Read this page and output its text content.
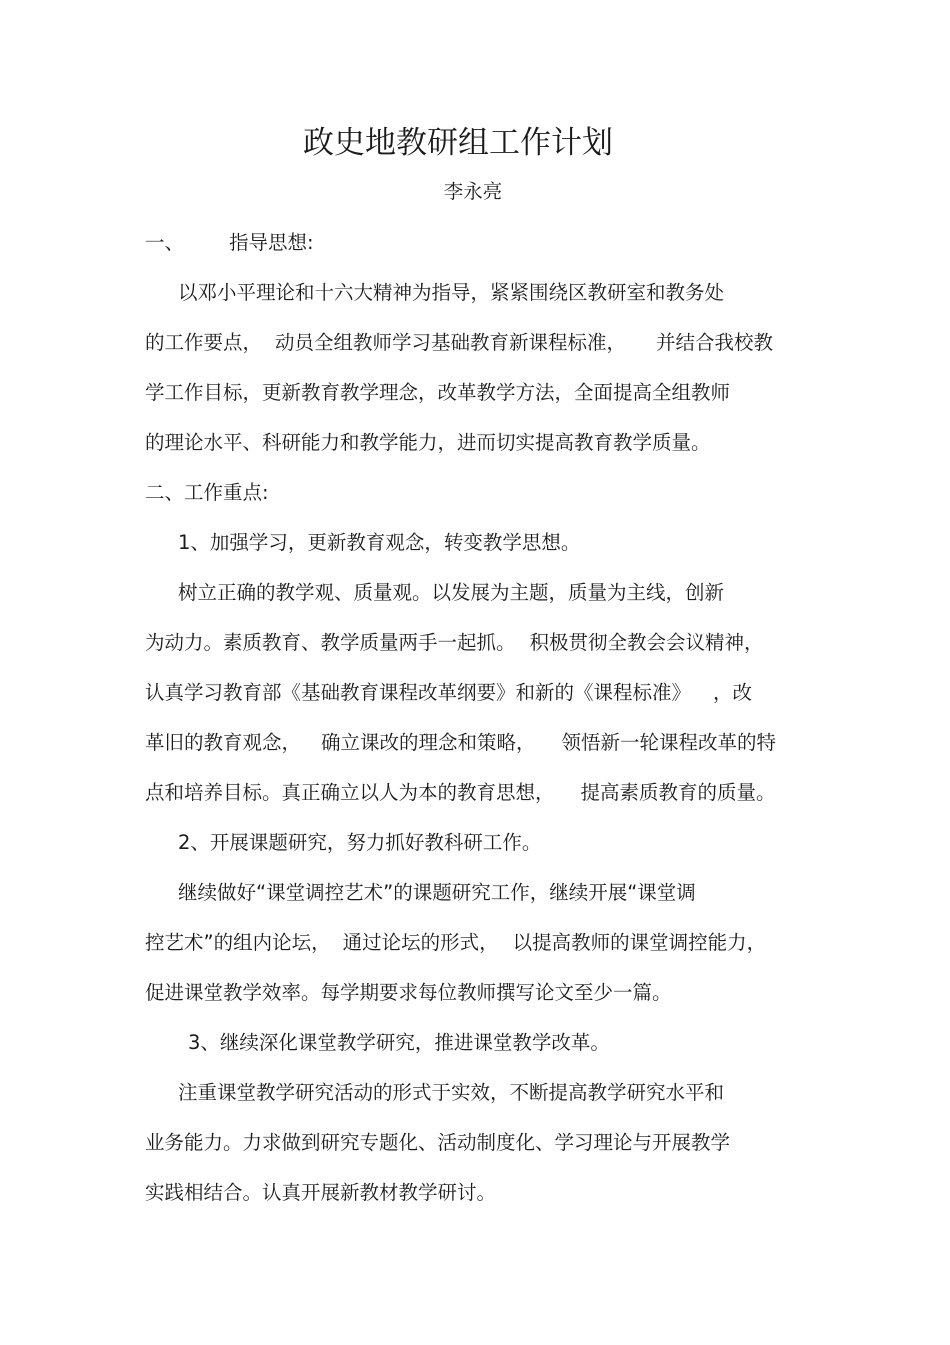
政史地教研组工作计划
李永亮
一、 指导思想:
以邓小平理论和十六大精神为指导，紧紧围绕区教研室和教务处
的工作要点， 动员全组教师学习基础教育新课程标准， 并结合我校教
学工作目标，更新教育教学理念，改革教学方法，全面提高全组教师
的理论水平、科研能力和教学能力，进而切实提高教育教学质量。
二、工作重点:
1、加强学习，更新教育观念，转变教学思想。
树立正确的教学观、质量观。以发展为主题，质量为主线，创新
为动力。素质教育、教学质量两手一起抓。 积极贯彻全教会会议精神，
认真学习教育部《基础教育课程改革纲要》和新的《课程标准》 ，改
革旧的教育观念， 确立课改的理念和策略， 领悟新一轮课程改革的特
点和培养目标。真正确立以人为本的教育思想， 提高素质教育的质量。
2、开展课题研究，努力抓好教科研工作。
继续做好“课堂调控艺术”的课题研究工作，继续开展“课堂调
控艺术”的组内论坛， 通过论坛的形式， 以提高教师的课堂调控能力，
促进课堂教学效率。每学期要求每位教师撰写论文至少一篇。
3、继续深化课堂教学研究，推进课堂教学改革。
注重课堂教学研究活动的形式于实效，不断提高教学研究水平和
业务能力。力求做到研究专题化、活动制度化、学习理论与开展教学
实践相结合。认真开展新教材教学研讨。
